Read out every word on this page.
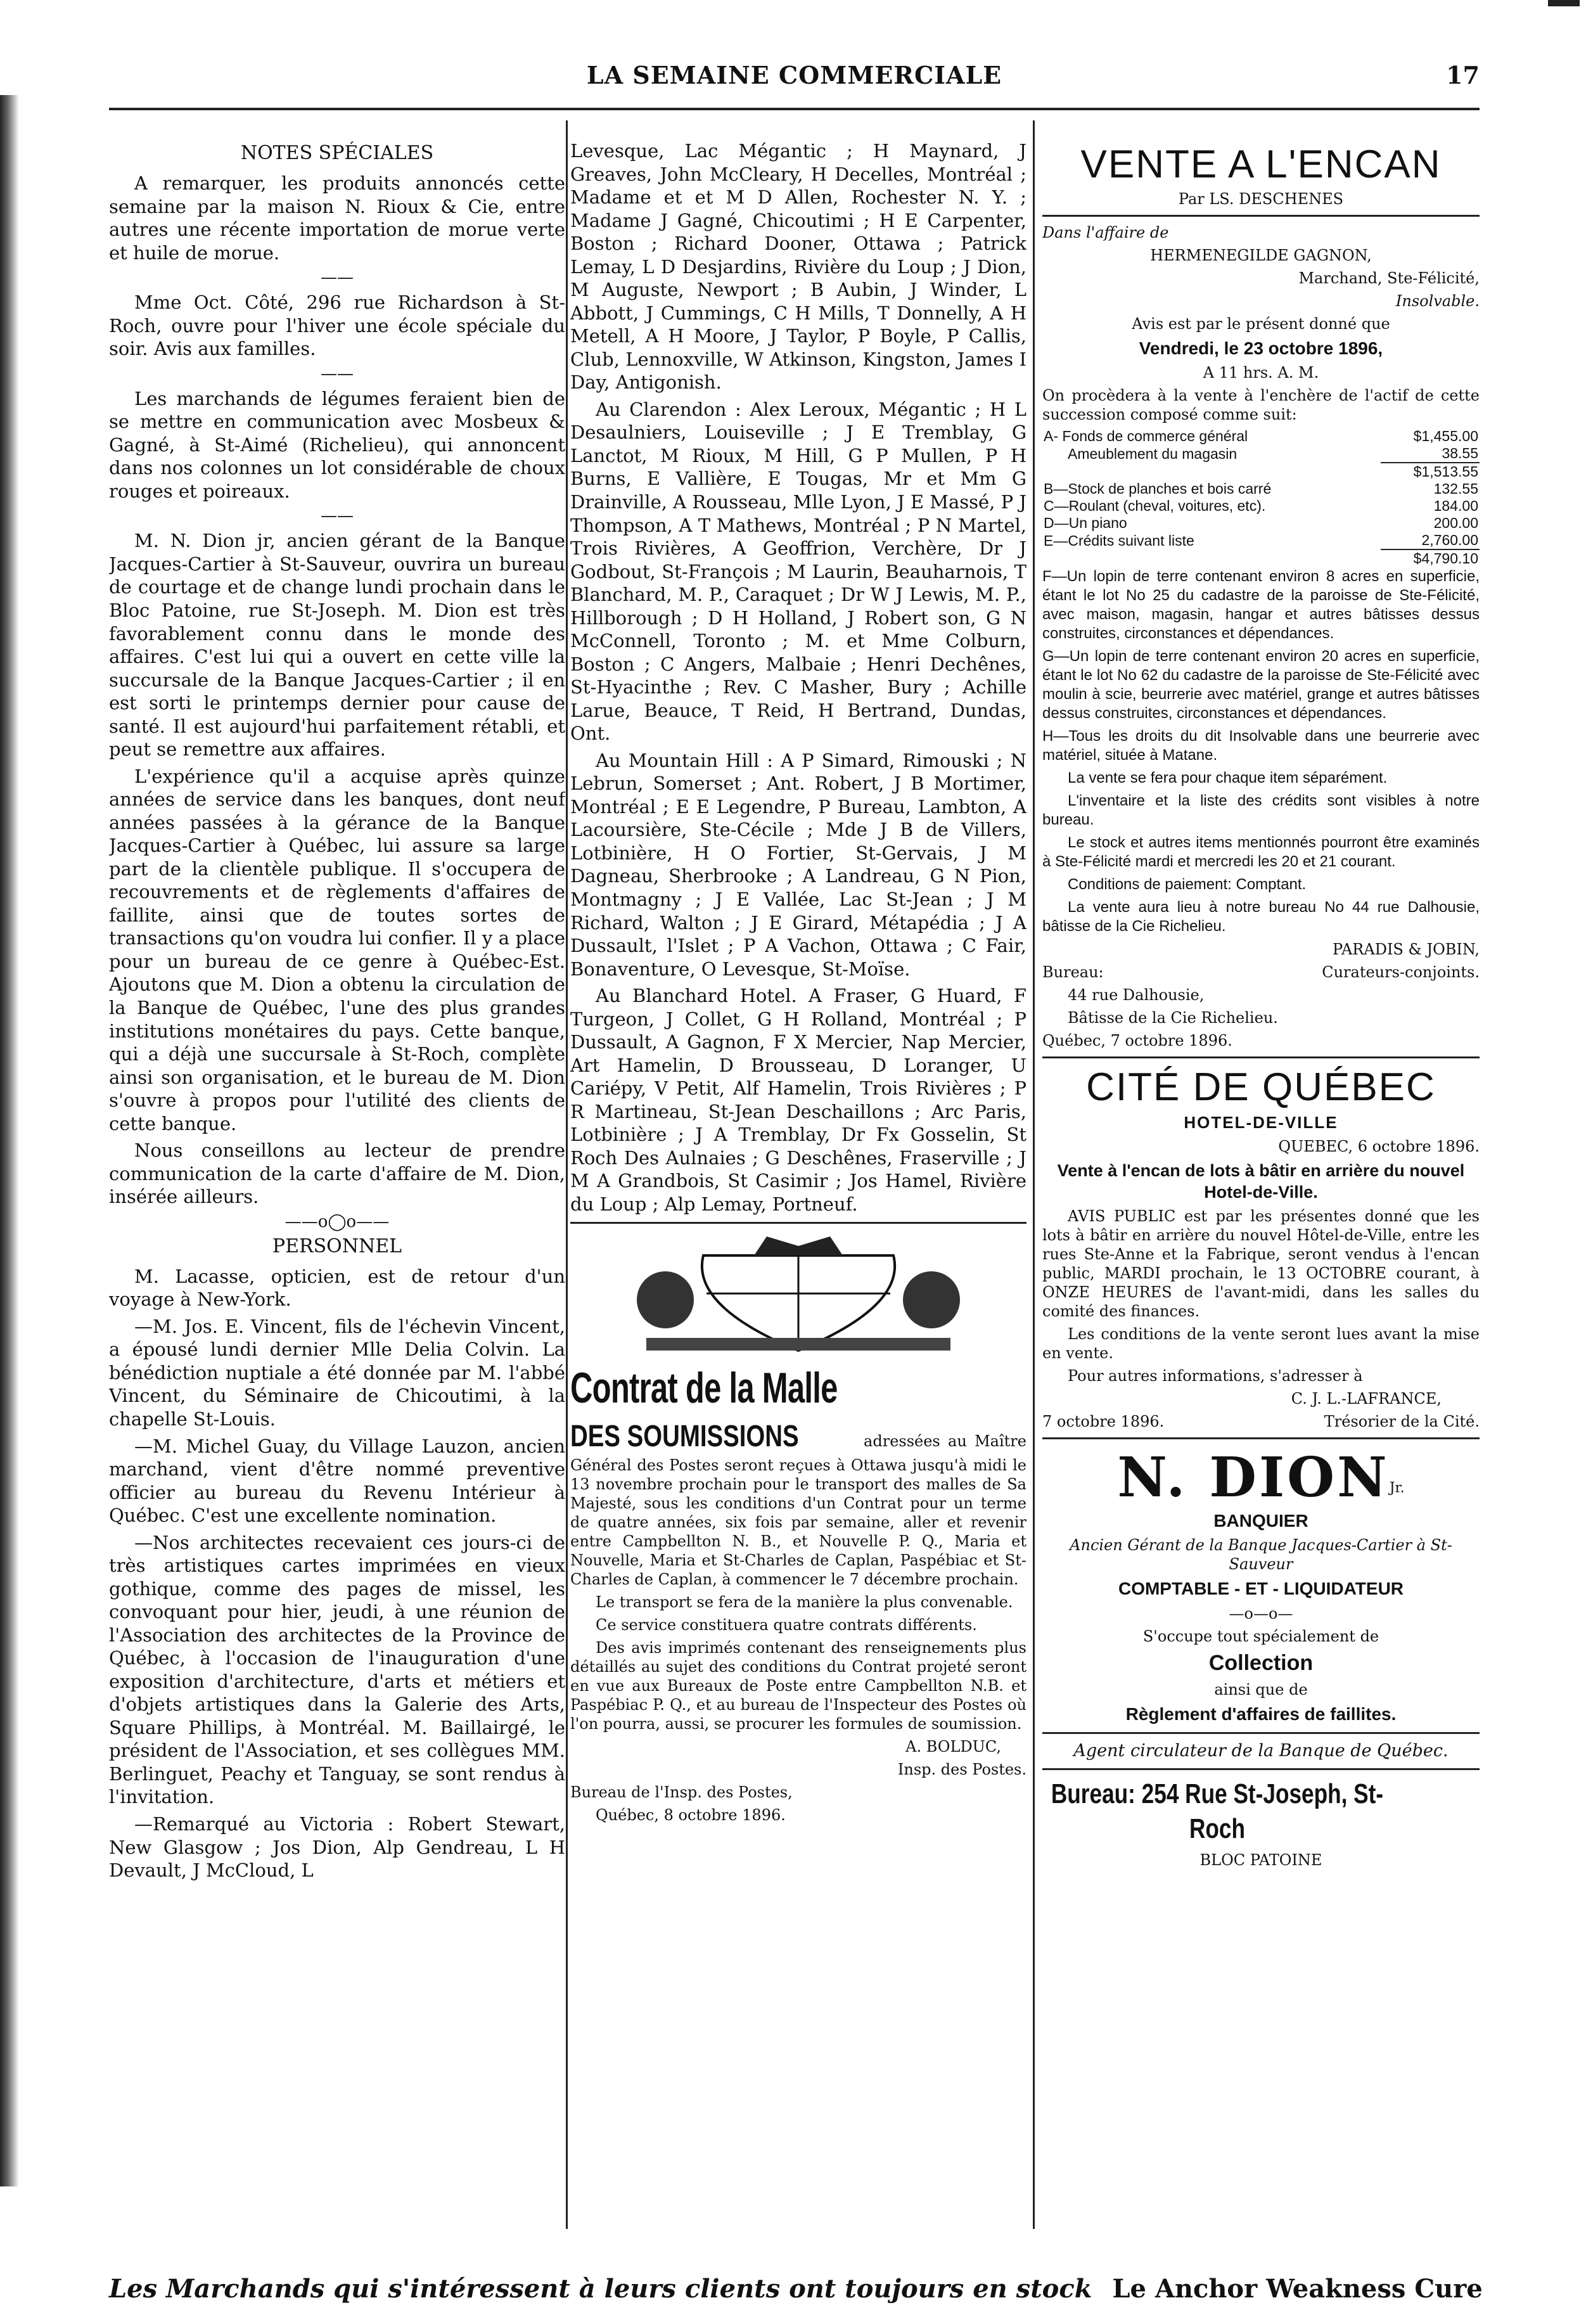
LA SEMAINE COMMERCIALE	17
NOTES SPÉCIALES

A remarquer, les produits annoncés cette semaine par la maison N. Rioux & Cie, entre autres une récente importation de morue verte et huile de morue.

——

Mme Oct. Côté, 296 rue Richardson à St-Roch, ouvre pour l'hiver une école spéciale du soir. Avis aux familles.

——

Les marchands de légumes feraient bien de se mettre en communication avec Mosbeux & Gagné, à St-Aimé (Richelieu), qui annoncent dans nos colonnes un lot considérable de choux rouges et poireaux.

——

M. N. Dion jr, ancien gérant de la Banque Jacques-Cartier à St-Sauveur, ouvrira un bureau de courtage et de change lundi prochain dans le Bloc Patoine, rue St-Joseph. M. Dion est très favorablement connu dans le monde des affaires. C'est lui qui a ouvert en cette ville la succursale de la Banque Jacques-Cartier ; il en est sorti le printemps dernier pour cause de santé. Il est aujourd'hui parfaitement rétabli, et peut se remettre aux affaires.

L'expérience qu'il a acquise après quinze années de service dans les banques, dont neuf années passées à la gérance de la Banque Jacques-Cartier à Québec, lui assure sa large part de la clientèle publique. Il s'occupera de recouvrements et de règlements d'affaires de faillite, ainsi que de toutes sortes de transactions qu'on voudra lui confier. Il y a place pour un bureau de ce genre à Québec-Est. Ajoutons que M. Dion a obtenu la circulation de la Banque de Québec, l'une des plus grandes institutions monétaires du pays. Cette banque, qui a déjà une succursale à St-Roch, complète ainsi son organisation, et le bureau de M. Dion s'ouvre à propos pour l'utilité des clients de cette banque.

Nous conseillons au lecteur de prendre communication de la carte d'affaire de M. Dion, insérée ailleurs.

——o◯o——
PERSONNEL

M. Lacasse, opticien, est de retour d'un voyage à New-York.

—M. Jos. E. Vincent, fils de l'échevin Vincent, a épousé lundi dernier Mlle Delia Colvin. La bénédiction nuptiale a été donnée par M. l'abbé Vincent, du Séminaire de Chicoutimi, à la chapelle St-Louis.

—M. Michel Guay, du Village Lauzon, ancien marchand, vient d'être nommé preventive officier au bureau du Revenu Intérieur à Québec. C'est une excellente nomination.

—Nos architectes recevaient ces jours-ci de très artistiques cartes imprimées en vieux gothique, comme des pages de missel, les convoquant pour hier, jeudi, à une réunion de l'Association des architectes de la Province de Québec, à l'occasion de l'inauguration d'une exposition d'architecture, d'arts et métiers et d'objets artistiques dans la Galerie des Arts, Square Phillips, à Montréal. M. Baillairgé, le président de l'Association, et ses collègues MM. Berlinguet, Peachy et Tanguay, se sont rendus à l'invitation.

—Remarqué au Victoria : Robert Stewart, New Glasgow ; Jos Dion, Alp Gendreau, L H Devault, J McCloud, L

Levesque, Lac Mégantic ; H Maynard, J Greaves, John McCleary, H Decelles, Montréal ; Madame et et M D Allen, Rochester N. Y. ; Madame J Gagné, Chicoutimi ; H E Carpenter, Boston ; Richard Dooner, Ottawa ; Patrick Lemay, L D Desjardins, Rivière du Loup ; J Dion, M Auguste, Newport ; B Aubin, J Winder, L Abbott, J Cummings, C H Mills, T Donnelly, A H Metell, A H Moore, J Taylor, P Boyle, P Callis, Club, Lennoxville, W Atkinson, Kingston, James I Day, Antigonish.

Au Clarendon : Alex Leroux, Mégantic ; H L Desaulniers, Louiseville ; J E Tremblay, G Lanctot, M Rioux, M Hill, G P Mullen, P H Burns, E Vallière, E Tougas, Mr et Mm G Drainville, A Rousseau, Mlle Lyon, J E Massé, P J Thompson, A T Mathews, Montréal ; P N Martel, Trois Rivières, A Geoffrion, Verchère, Dr J Godbout, St-François ; M Laurin, Beauharnois, T Blanchard, M. P., Caraquet ; Dr W J Lewis, M. P., Hillborough ; D H Holland, J Robert son, G N McConnell, Toronto ; M. et Mme Colburn, Boston ; C Angers, Malbaie ; Henri Dechênes, St-Hyacinthe ; Rev. C Masher, Bury ; Achille Larue, Beauce, T Reid, H Bertrand, Dundas, Ont.

Au Mountain Hill : A P Simard, Rimouski ; N Lebrun, Somerset ; Ant. Robert, J B Mortimer, Montréal ; E E Legendre, P Bureau, Lambton, A Lacoursière, Ste-Cécile ; Mde J B de Villers, Lotbinière, H O Fortier, St-Gervais, J M Dagneau, Sherbrooke ; A Landreau, G N Pion, Montmagny ; J E Vallée, Lac St-Jean ; J M Richard, Walton ; J E Girard, Métapédia ; J A Dussault, l'Islet ; P A Vachon, Ottawa ; C Fair, Bonaventure, O Levesque, St-Moïse.

Au Blanchard Hotel. A Fraser, G Huard, F Turgeon, J Collet, G H Rolland, Montréal ; P Dussault, A Gagnon, F X Mercier, Nap Mercier, Art Hamelin, D Brousseau, D Loranger, U Cariépy, V Petit, Alf Hamelin, Trois Rivières ; P R Martineau, St-Jean Deschaillons ; Arc Paris, Lotbinière ; J A Tremblay, Dr Fx Gosselin, St Roch Des Aulnaies ; G Deschênes, Fraserville ; J M A Grandbois, St Casimir ; Jos Hamel, Rivière du Loup ; Alp Lemay, Portneuf.

Contrat de la Malle

DES SOUMISSIONS	adressées au Maître Général des Postes seront reçues à Ottawa jusqu'à midi le 13 novembre prochain pour le transport des malles de Sa Majesté, sous les conditions d'un Contrat pour un terme de quatre années, six fois par semaine, aller et revenir entre Campbellton N. B., et Nouvelle P. Q., Maria et Nouvelle, Maria et St-Charles de Caplan, Paspébiac et St-Charles de Caplan, à commencer le 7 décembre prochain.

Le transport se fera de la manière la plus convenable.

Ce service constituera quatre contrats différents.

Des avis imprimés contenant des renseignements plus détaillés au sujet des conditions du Contrat projeté seront en vue aux Bureaux de Poste entre Campbellton N.B. et Paspébiac P. Q., et au bureau de l'Inspecteur des Postes où l'on pourra, aussi, se procurer les formules de soumission.

A. BOLDUC,

Insp. des Postes.

Bureau de l'Insp. des Postes,

Québec, 8 octobre 1896.

VENTE A L'ENCAN

Par LS. DESCHENES

Dans l'affaire de

HERMENEGILDE GAGNON,

Marchand, Ste-Félicité,

Insolvable.

Avis est par le présent donné que

Vendredi, le 23 octobre 1896,

A 11 hrs. A. M.

On procèdera à la vente à l'enchère de l'actif de cette succession composé comme suit:

A- Fonds de commerce général	$1,455.00
Ameublement du magasin	38.55
	$1,513.55
B—Stock de planches et bois carré	132.55
C—Roulant (cheval, voitures, etc).	184.00
D—Un piano	200.00
E—Crédits suivant liste	2,760.00
	$4,790.10

F—Un lopin de terre contenant environ 8 acres en superficie, étant le lot No 25 du cadastre de la paroisse de Ste-Félicité, avec maison, magasin, hangar et autres bâtisses dessus construites, circonstances et dépendances.

G—Un lopin de terre contenant environ 20 acres en superficie, étant le lot No 62 du cadastre de la paroisse de Ste-Félicité avec moulin à scie, beurrerie avec matériel, grange et autres bâtisses dessus construites, circonstances et dépendances.

H—Tous les droits du dit Insolvable dans une beurrerie avec matériel, située à Matane.

La vente se fera pour chaque item séparément.

L'inventaire et la liste des crédits sont visibles à notre bureau.

Le stock et autres items mentionnés pourront être examinés à Ste-Félicité mardi et mercredi les 20 et 21 courant.

Conditions de paiement: Comptant.

La vente aura lieu à notre bureau No 44 rue Dalhousie, bâtisse de la Cie Richelieu.

PARADIS & JOBIN,

Bureau:	Curateurs-conjoints.

44 rue Dalhousie,

Bâtisse de la Cie Richelieu.

Québec, 7 octobre 1896.

CITÉ DE QUÉBEC

HOTEL-DE-VILLE

QUEBEC, 6 octobre 1896.

Vente à l'encan de lots à bâtir en arrière du nouvel Hotel-de-Ville.

AVIS PUBLIC est par les présentes donné que les lots à bâtir en arrière du nouvel Hôtel-de-Ville, entre les rues Ste-Anne et la Fabrique, seront vendus à l'encan public, MARDI prochain, le 13 OCTOBRE courant, à ONZE HEURES de l'avant-midi, dans les salles du comité des finances.

Les conditions de la vente seront lues avant la mise en vente.

Pour autres informations, s'adresser à

C. J. L.-LAFRANCE,

7 octobre 1896.	Trésorier de la Cité.

N. $DION^{Jr.}$

BANQUIER

Ancien Gérant de la Banque Jacques-Cartier à St-Sauveur

COMPTABLE - ET - LIQUIDATEUR

—o—o—

S'occupe tout spécialement de

Collection

ainsi que de

Règlement d'affaires de faillites.

Agent circulateur de la Banque de Québec.

Bureau: 254 Rue St-Joseph, St-Roch

BLOC PATOINE

Les Marchands qui s'intéressent à leurs clients ont toujours en stock Le Anchor Weakness Cure
